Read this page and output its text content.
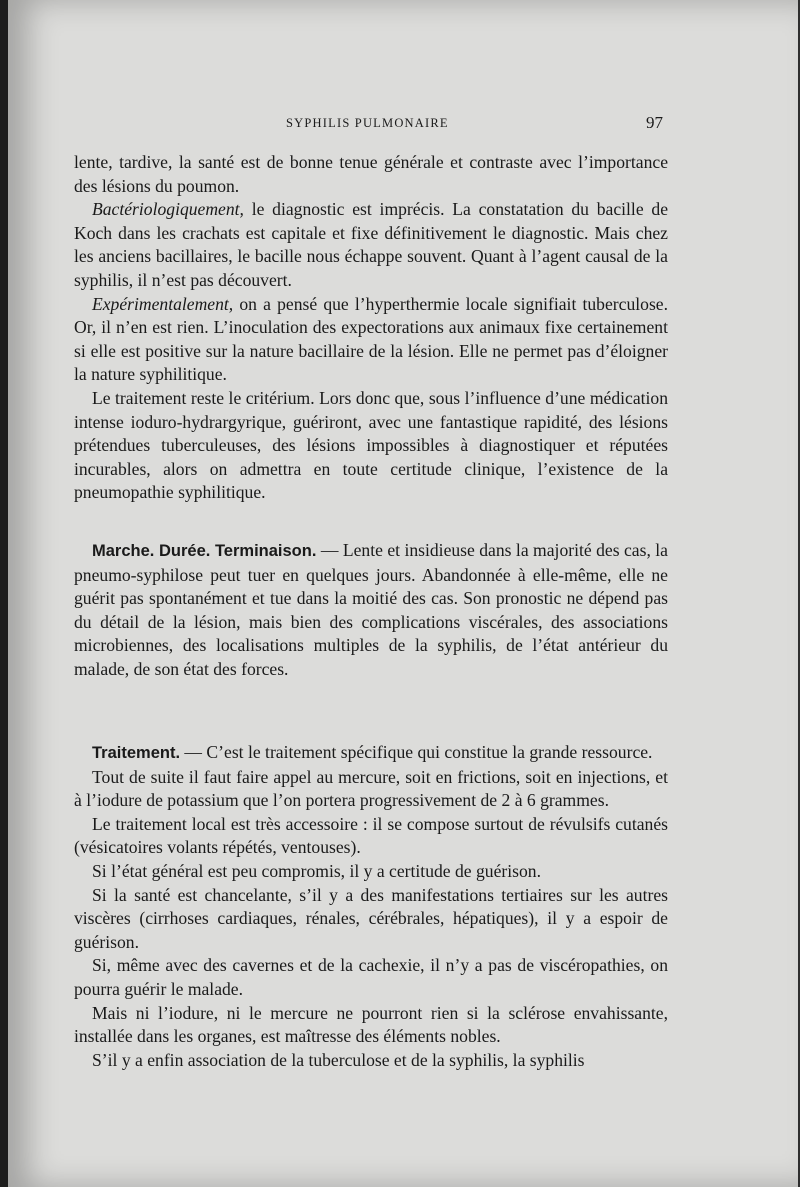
SYPHILIS PULMONAIRE	97

lente, tardive, la santé est de bonne tenue générale et contraste avec l’importance des lésions du poumon.

Bactériologiquement, le diagnostic est imprécis. La constatation du bacille de Koch dans les crachats est capitale et fixe définitivement le diagnostic. Mais chez les anciens bacillaires, le bacille nous échappe souvent. Quant à l’agent causal de la syphilis, il n’est pas découvert.

Expérimentalement, on a pensé que l’hyperthermie locale signifiait tuberculose. Or, il n’en est rien. L’inoculation des expectorations aux animaux fixe certainement si elle est positive sur la nature bacillaire de la lésion. Elle ne permet pas d’éloigner la nature syphilitique.

Le traitement reste le critérium. Lors donc que, sous l’influence d’une médication intense ioduro-hydrargyrique, guériront, avec une fantastique rapidité, des lésions prétendues tuberculeuses, des lésions impossibles à diagnostiquer et réputées incurables, alors on admettra en toute certitude clinique, l’existence de la pneumopathie syphilitique.

Marche. Durée. Terminaison. — Lente et insidieuse dans la majorité des cas, la pneumo-syphilose peut tuer en quelques jours. Abandonnée à elle-même, elle ne guérit pas spontanément et tue dans la moitié des cas. Son pronostic ne dépend pas du détail de la lésion, mais bien des complications viscérales, des associations microbiennes, des localisations multiples de la syphilis, de l’état antérieur du malade, de son état des forces.

Traitement. — C’est le traitement spécifique qui constitue la grande ressource.

Tout de suite il faut faire appel au mercure, soit en frictions, soit en injections, et à l’iodure de potassium que l’on portera progressivement de 2 à 6 grammes.

Le traitement local est très accessoire : il se compose surtout de révulsifs cutanés (vésicatoires volants répétés, ventouses).

Si l’état général est peu compromis, il y a certitude de guérison.

Si la santé est chancelante, s’il y a des manifestations tertiaires sur les autres viscères (cirrhoses cardiaques, rénales, cérébrales, hépatiques), il y a espoir de guérison.

Si, même avec des cavernes et de la cachexie, il n’y a pas de viscéropathies, on pourra guérir le malade.

Mais ni l’iodure, ni le mercure ne pourront rien si la sclérose envahissante, installée dans les organes, est maîtresse des éléments nobles.

S’il y a enfin association de la tuberculose et de la syphilis, la syphilis
